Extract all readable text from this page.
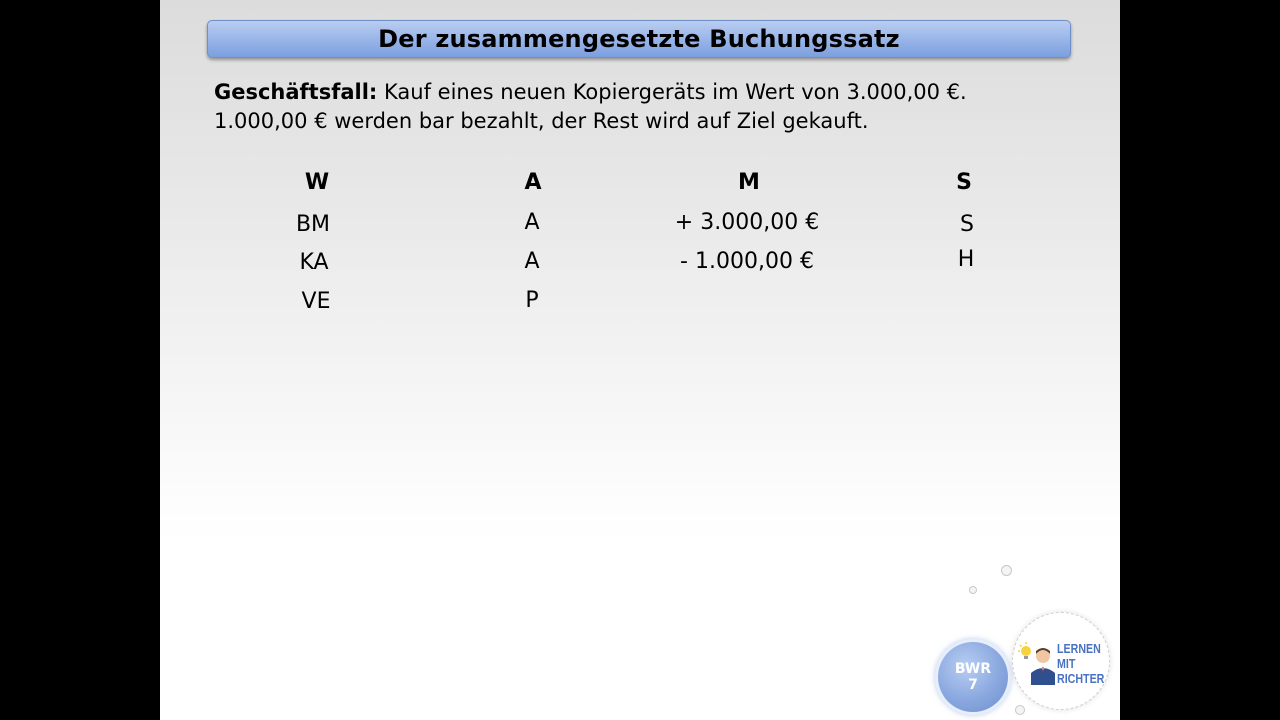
Der zusammengesetzte Buchungssatz
Geschäftsfall: Kauf eines neuen Kopiergeräts im Wert von 3.000,00 €.
1.000,00 € werden bar bezahlt, der Rest wird auf Ziel gekauft.
W	A	M	S
BM	A	+ 3.000,00 €	S
KA	A	- 1.000,00 €	H
VE	P
BWR
7
LERNEN
MIT
RICHTER
